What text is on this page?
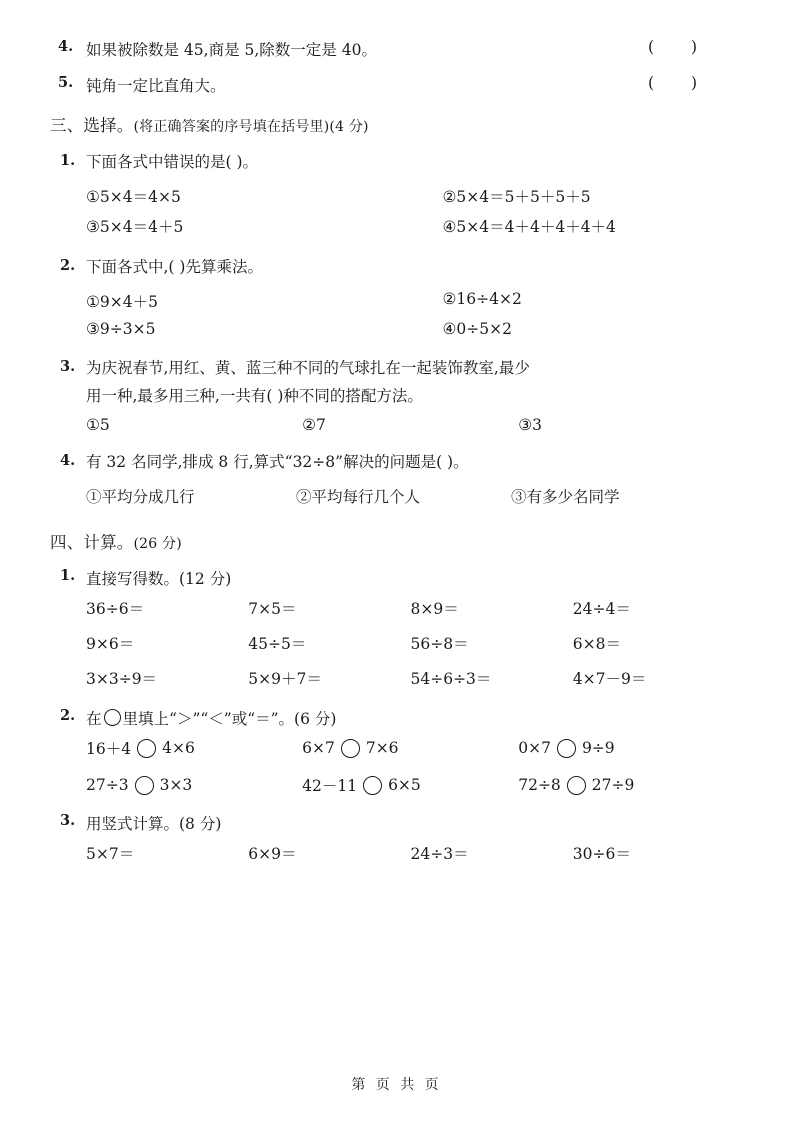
4. 如果被除数是 45,商是 5,除数一定是 40。	( )
5. 钝角一定比直角大。	( )
三、选择。(将正确答案的序号填在括号里)(4 分)
1. 下面各式中错误的是( )。
①5×4＝4×5	②5×4＝5＋5＋5＋5
③5×4＝4＋5	④5×4＝4＋4＋4＋4＋4
2. 下面各式中,( )先算乘法。
①9×4＋5	②16÷4×2
③9÷3×5	④0÷5×2
3. 为庆祝春节,用红、黄、蓝三种不同的气球扎在一起装饰教室,最少
用一种,最多用三种,一共有( )种不同的搭配方法。
①5	②7	③3
4. 有 32 名同学,排成 8 行,算式“32÷8”解决的问题是( )。
①平均分成几行	②平均每行几个人	③有多少名同学
四、计算。(26 分)
1. 直接写得数。(12 分)
36÷6＝	7×5＝	8×9＝	24÷4＝
9×6＝	45÷5＝	56÷8＝	6×8＝
3×3÷9＝	5×9＋7＝	54÷6÷3＝	4×7－9＝
2. 在 里填上“＞”“＜”或“＝”。(6 分)
16＋4 4×6	6×7 7×6	0×7 9÷9
27÷3 3×3	42－11 6×5	72÷8 27÷9
3. 用竖式计算。(8 分)
5×7＝	6×9＝	24÷3＝	30÷6＝
第 页 共 页
